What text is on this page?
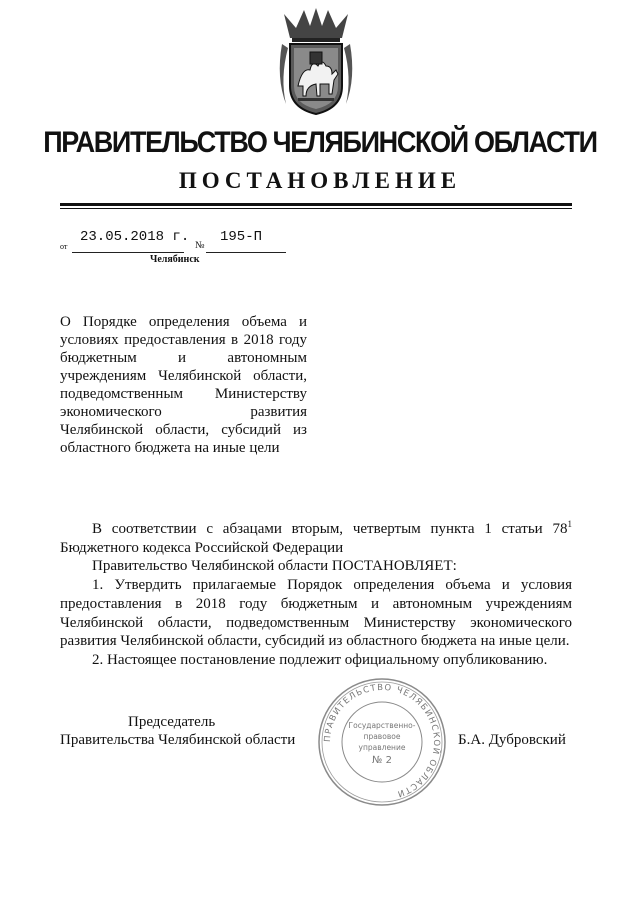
ПРАВИТЕЛЬСТВО ЧЕЛЯБИНСКОЙ ОБЛАСТИ
ПОСТАНОВЛЕНИЕ
от
23.05.2018 г.
№
195-П
Челябинск
О Порядке определения объема и
условиях предоставления в 2018 году
бюджетным и автономным
учреждениям Челябинской области,
подведомственным Министерству
экономического развития
Челябинской области, субсидий из
областного бюджета на иные цели
В соответствии с абзацами вторым, четвертым пункта 1 статьи $78^1$
Бюджетного кодекса Российской Федерации
Правительство Челябинской области ПОСТАНОВЛЯЕТ:
1. Утвердить прилагаемые Порядок определения объема и условия предоставления в 2018 году бюджетным и автономным учреждениям Челябинской области, подведомственным Министерству экономического развития Челябинской области, субсидий из областного бюджета на иные цели.
2. Настоящее постановление подлежит официальному опубликованию.
Председатель
Правительства Челябинской области	Б.А. Дубровский
ПРАВИТЕЛЬСТВО ЧЕЛЯБИНСКОЙ ОБЛАСТИ
Государственно-
правовое
управление
№ 2
